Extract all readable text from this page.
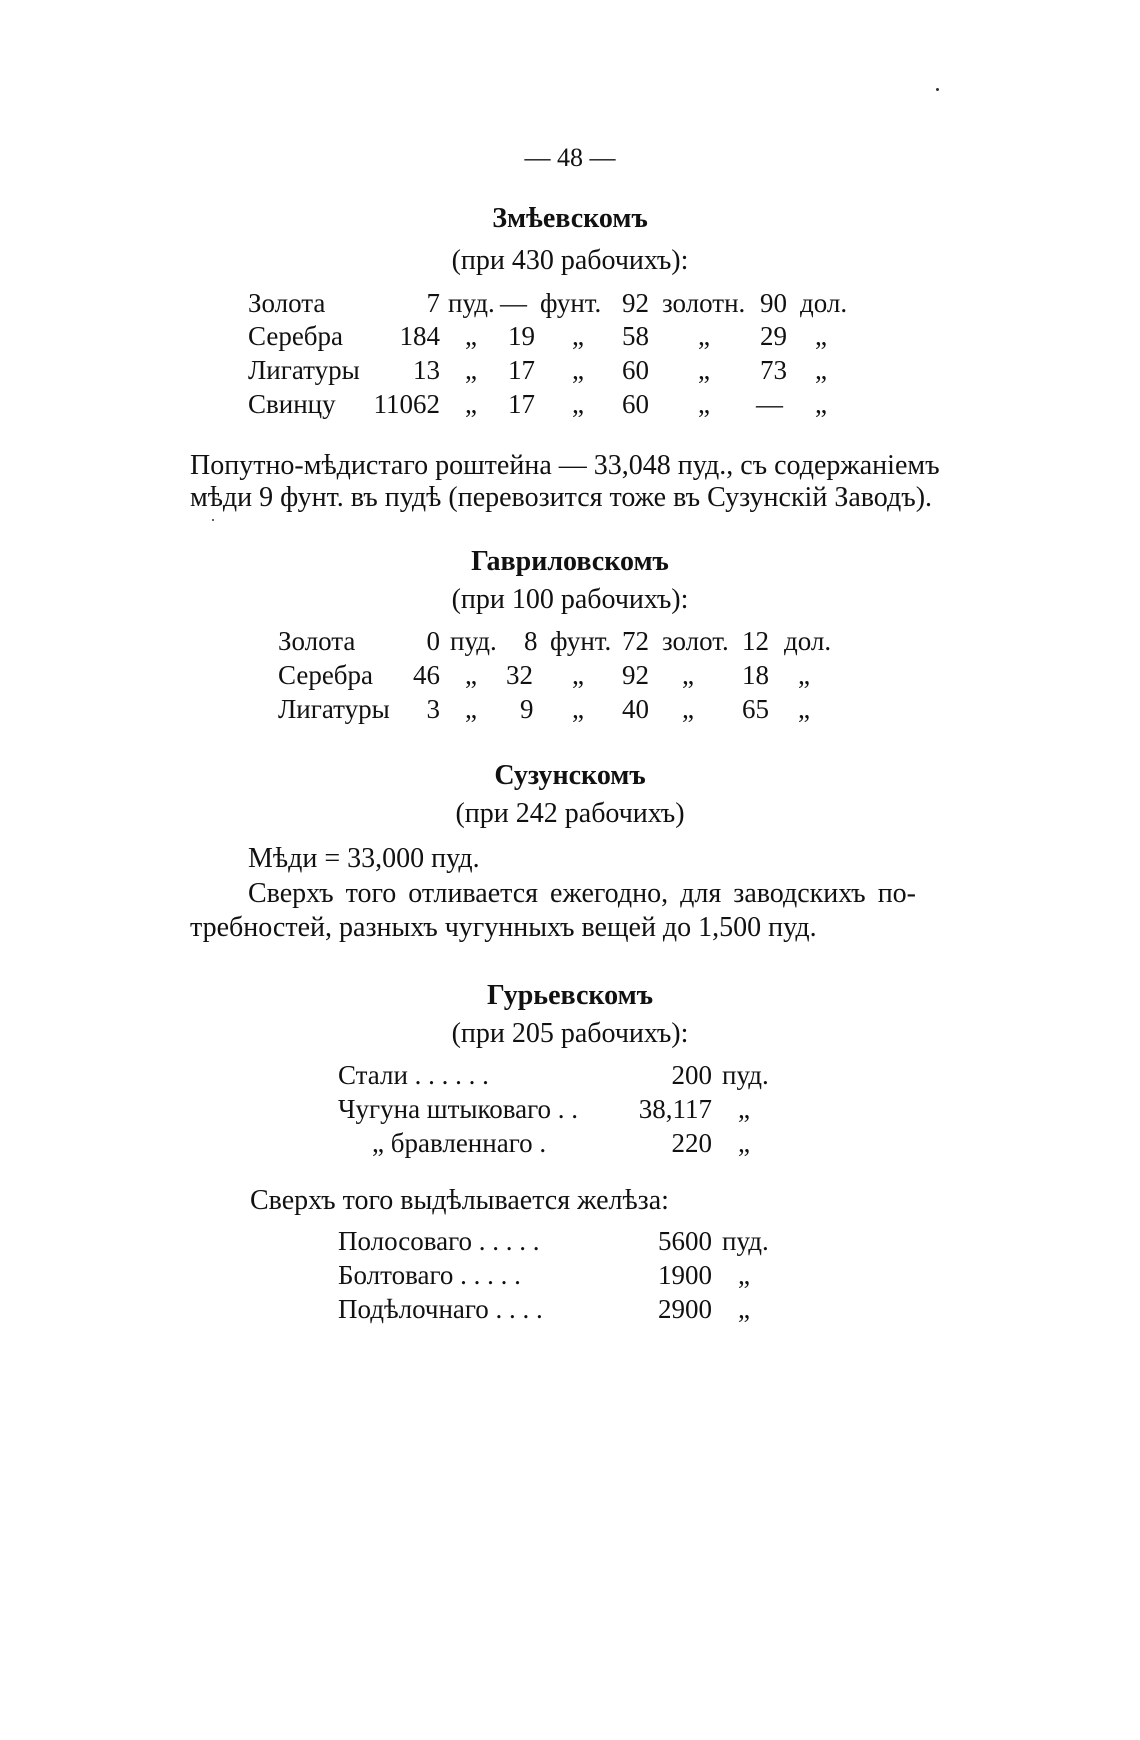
— 48 —
Змѣевскомъ
(при 430 рабочихъ):
Золота	7 пуд. — фунт. 92 золотн. 90 дол.
Серебра	184 „ 19 „ 58 „ 29 „
Лигатуры	13 „ 17 „ 60 „ 73 „
Свинцу	11062 „ 17 „ 60 „ — „
Попутно-мѣдистаго роштейна — 33,048 пуд., съ содержаніемъ
мѣди 9 фунт. въ пудѣ (перевозится тоже въ Сузунскій Заводъ).
Гавриловскомъ
(при 100 рабочихъ):
Золота	0 пуд. 8 фунт. 72 золот. 12 дол.
Серебра	46 „ 32 „ 92 „ 18 „
Лигатуры	3 „ 9 „ 40 „ 65 „
Сузунскомъ
(при 242 рабочихъ)
Мѣди = 33,000 пуд.
Сверхъ того отливается ежегодно, для заводскихъ по-
требностей, разныхъ чугунныхъ вещей до 1,500 пуд.
Гурьевскомъ
(при 205 рабочихъ):
Стали . . . . . .	200 пуд.
Чугуна штыковаго . .	38,117 „
„ бравленнаго .	220 „
Сверхъ того выдѣлывается желѣза:
Полосоваго . . . . .	5600 пуд.
Болтоваго . . . . .	1900 „
Подѣлочнаго . . . .	2900 „
